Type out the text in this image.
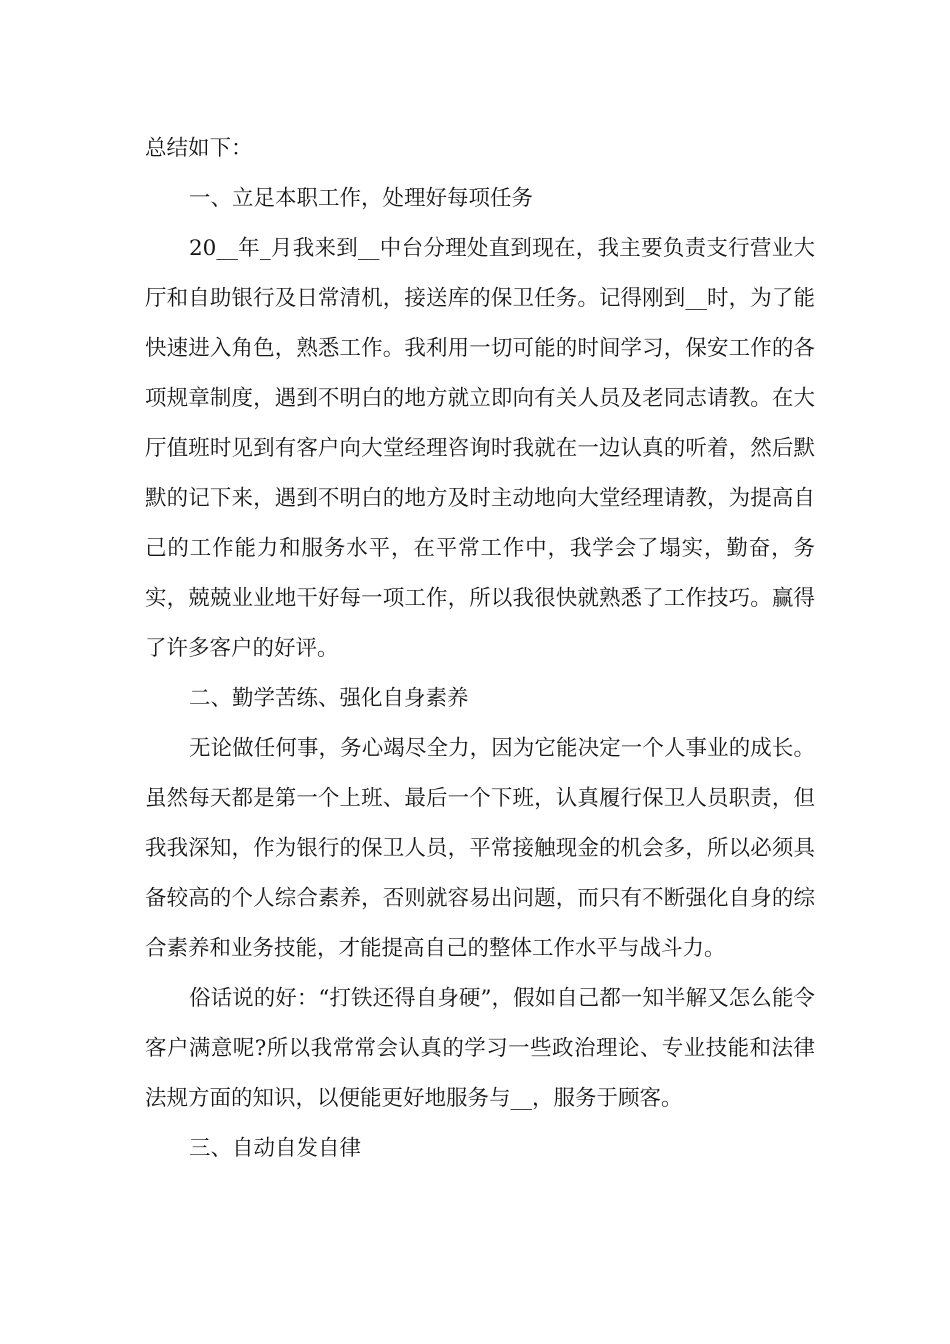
总结如下：

一、立足本职工作，处理好每项任务

20__年_月我来到__中台分理处直到现在，我主要负责支行营业大厅和自助银行及日常清机，接送库的保卫任务。记得刚到__时，为了能快速进入角色，熟悉工作。我利用一切可能的时间学习，保安工作的各项规章制度，遇到不明白的地方就立即向有关人员及老同志请教。在大厅值班时见到有客户向大堂经理咨询时我就在一边认真的听着，然后默默的记下来，遇到不明白的地方及时主动地向大堂经理请教，为提高自己的工作能力和服务水平，在平常工作中，我学会了塌实，勤奋，务实，兢兢业业地干好每一项工作，所以我很快就熟悉了工作技巧。赢得了许多客户的好评。

二、勤学苦练、强化自身素养

无论做任何事，务心竭尽全力，因为它能决定一个人事业的成长。虽然每天都是第一个上班、最后一个下班，认真履行保卫人员职责，但我我深知，作为银行的保卫人员，平常接触现金的机会多，所以必须具备较高的个人综合素养，否则就容易出问题，而只有不断强化自身的综合素养和业务技能，才能提高自己的整体工作水平与战斗力。

俗话说的好：“打铁还得自身硬”，假如自己都一知半解又怎么能令客户满意呢?所以我常常会认真的学习一些政治理论、专业技能和法律法规方面的知识，以便能更好地服务与__，服务于顾客。

三、自动自发自律
